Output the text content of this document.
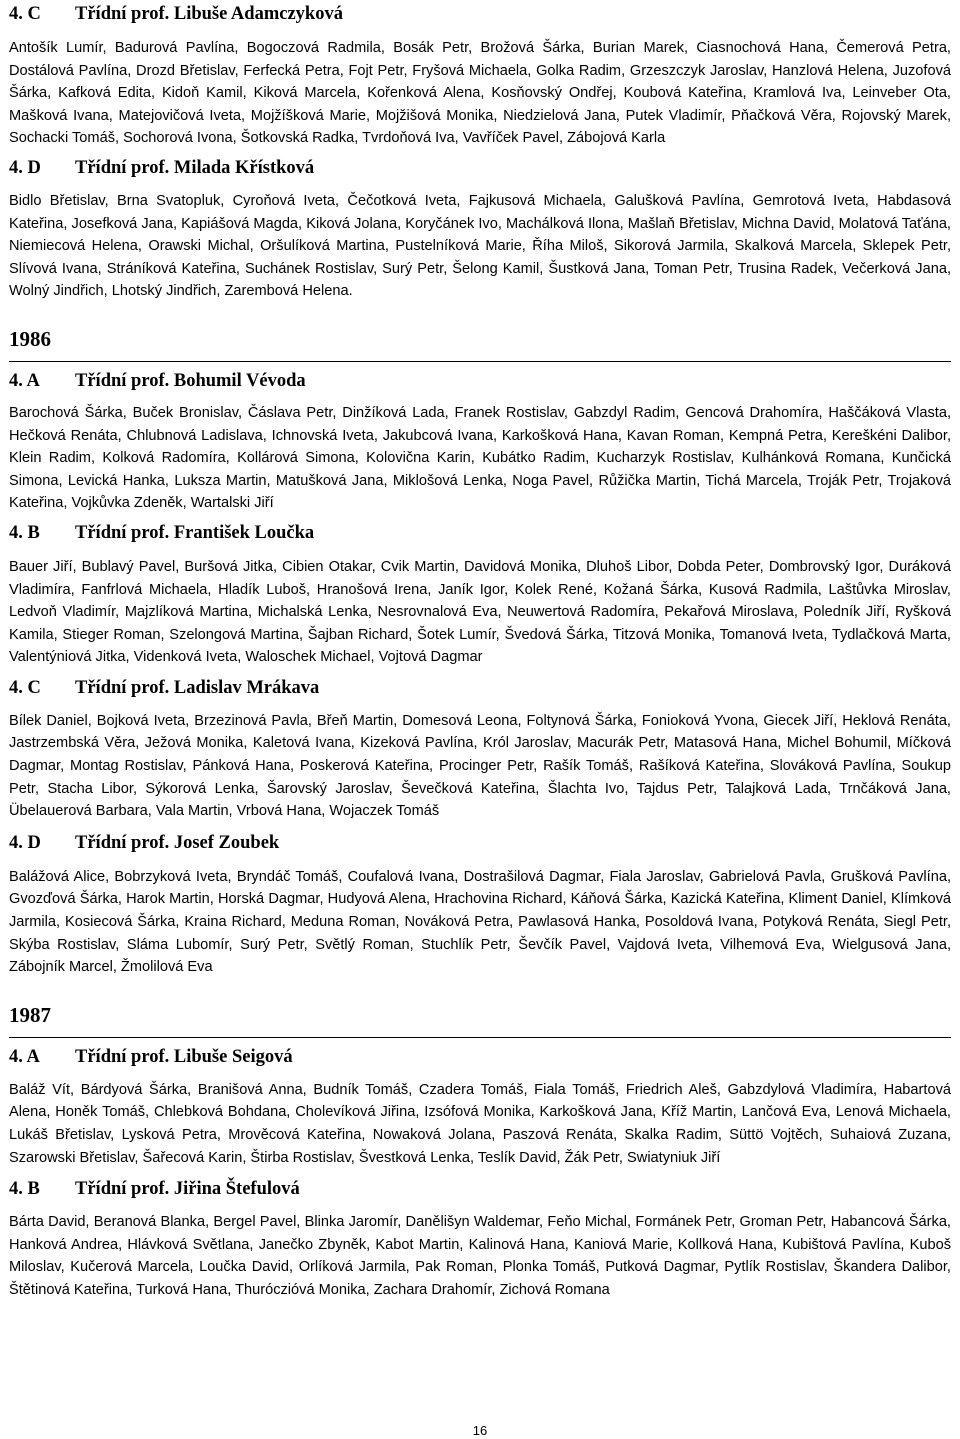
4. C	Třídní prof. Libuše Adamczyková

Antošík Lumír, Badurová Pavlína, Bogoczová Radmila, Bosák Petr, Brožová Šárka, Burian Marek, Ciasnochová Hana, Čemerová Petra, Dostálová Pavlína, Drozd Břetislav, Ferfecká Petra, Fojt Petr, Fryšová Michaela, Golka Radim, Grzeszczyk Jaroslav, Hanzlová Helena, Juzofová Šárka, Kafková Edita, Kidoň Kamil, Kiková Marcela, Kořenková Alena, Kosňovský Ondřej, Koubová Kateřina, Kramlová Iva, Leinveber Ota, Mašková Ivana, Matejovičová Iveta, Mojžíšková Marie, Mojžišová Monika, Niedzielová Jana, Putek Vladimír, Pňačková Věra, Rojovský Marek, Sochacki Tomáš, Sochorová Ivona, Šotkovská Radka, Tvrdoňová Iva, Vavříček Pavel, Zábojová Karla

4. D	Třídní prof. Milada Křístková

Bidlo Břetislav, Brna Svatopluk, Cyroňová Iveta, Čečotková Iveta, Fajkusová Michaela, Galušková Pavlína, Gemrotová Iveta, Habdasová Kateřina, Josefková Jana, Kapiášová Magda, Kiková Jolana, Koryčánek Ivo, Machálková Ilona, Mašlaň Břetislav, Michna David, Molatová Taťána, Niemiecová Helena, Orawski Michal, Oršulíková Martina, Pustelníková Marie, Říha Miloš, Sikorová Jarmila, Skalková Marcela, Sklepek Petr, Slívová Ivana, Stráníková Kateřina, Suchánek Rostislav, Surý Petr, Šelong Kamil, Šustková Jana, Toman Petr, Trusina Radek, Večerková Jana, Wolný Jindřich, Lhotský Jindřich, Zarembová Helena.

1986
4. A	Třídní prof. Bohumil Vévoda

Barochová Šárka, Buček Bronislav, Čáslava Petr, Dinžíková Lada, Franek Rostislav, Gabzdyl Radim, Gencová Drahomíra, Haščáková Vlasta, Hečková Renáta, Chlubnová Ladislava, Ichnovská Iveta, Jakubcová Ivana, Karkošková Hana, Kavan Roman, Kempná Petra, Kereškéni Dalibor, Klein Radim, Kolková Radomíra, Kollárová Simona, Kolovična Karin, Kubátko Radim, Kucharzyk Rostislav, Kulhánková Romana, Kunčická Simona, Levická Hanka, Luksza Martin, Matušková Jana, Miklošová Lenka, Noga Pavel, Růžička Martin, Tichá Marcela, Troják Petr, Trojaková Kateřina, Vojkůvka Zdeněk, Wartalski Jiří

4. B	Třídní prof. František Loučka

Bauer Jiří, Bublavý Pavel, Buršová Jitka, Cibien Otakar, Cvik Martin, Davidová Monika, Dluhoš Libor, Dobda Peter, Dombrovský Igor, Duráková Vladimíra, Fanfrlová Michaela, Hladík Luboš, Hranošová Irena, Janík Igor, Kolek René, Kožaná Šárka, Kusová Radmila, Laštůvka Miroslav, Ledvoň Vladimír, Majzlíková Martina, Michalská Lenka, Nesrovnalová Eva, Neuwertová Radomíra, Pekařová Miroslava, Poledník Jiří, Ryšková Kamila, Stieger Roman, Szelongová Martina, Šajban Richard, Šotek Lumír, Švedová Šárka, Titzová Monika, Tomanová Iveta, Tydlačková Marta, Valentýniová Jitka, Videnková Iveta, Waloschek Michael, Vojtová Dagmar

4. C	Třídní prof. Ladislav Mrákava

Bílek Daniel, Bojková Iveta, Brzezinová Pavla, Břeň Martin, Domesová Leona, Foltynová Šárka, Fonioková Yvona, Giecek Jiří, Heklová Renáta, Jastrzembská Věra, Ježová Monika, Kaletová Ivana, Kizeková Pavlína, Król Jaroslav, Macurák Petr, Matasová Hana, Michel Bohumil, Míčková Dagmar, Montag Rostislav, Pánková Hana, Poskerová Kateřina, Procinger Petr, Rašík Tomáš, Rašíková Kateřina, Slováková Pavlína, Soukup Petr, Stacha Libor, Sýkorová Lenka, Šarovský Jaroslav, Ševečková Kateřina, Šlachta Ivo, Tajdus Petr, Talajková Lada, Trnčáková Jana, Übelauerová Barbara, Vala Martin, Vrbová Hana, Wojaczek Tomáš

4. D	Třídní prof. Josef Zoubek

Balážová Alice, Bobrzyková Iveta, Bryndáč Tomáš, Coufalová Ivana, Dostrašilová Dagmar, Fiala Jaroslav, Gabrielová Pavla, Grušková Pavlína, Gvozďová Šárka, Harok Martin, Horská Dagmar, Hudyová Alena, Hrachovina Richard, Káňová Šárka, Kazická Kateřina, Kliment Daniel, Klímková Jarmila, Kosiecová Šárka, Kraina Richard, Meduna Roman, Nováková Petra, Pawlasová Hanka, Posoldová Ivana, Potyková Renáta, Siegl Petr, Skýba Rostislav, Sláma Lubomír, Surý Petr, Světlý Roman, Stuchlík Petr, Ševčík Pavel, Vajdová Iveta, Vilhemová Eva, Wielgusová Jana, Zábojník Marcel, Žmolilová Eva

1987
4. A	Třídní prof. Libuše Seigová

Baláž Vít, Bárdyová Šárka, Branišová Anna, Budník Tomáš, Czadera Tomáš, Fiala Tomáš, Friedrich Aleš, Gabzdylová Vladimíra, Habartová Alena, Honěk Tomáš, Chlebková Bohdana, Cholevíková Jiřina, Izsófová Monika, Karkošková Jana, Kříž Martin, Lančová Eva, Lenová Michaela, Lukáš Břetislav, Lysková Petra, Mrověcová Kateřina, Nowaková Jolana, Paszová Renáta, Skalka Radim, Süttö Vojtěch, Suhaiová Zuzana, Szarowski Břetislav, Šařecová Karin, Štirba Rostislav, Švestková Lenka, Teslík David, Žák Petr, Swiatyniuk Jiří

4. B	Třídní prof. Jiřina Štefulová

Bárta David, Beranová Blanka, Bergel Pavel, Blinka Jaromír, Danělišyn Waldemar, Feňo Michal, Formánek Petr, Groman Petr, Habancová Šárka, Hanková Andrea, Hlávková Světlana, Janečko Zbyněk, Kabot Martin, Kalinová Hana, Kaniová Marie, Kollková Hana, Kubištová Pavlína, Kuboš Miloslav, Kučerová Marcela, Loučka David, Orlíková Jarmila, Pak Roman, Plonka Tomáš, Putková Dagmar, Pytlík Rostislav, Škandera Dalibor, Štětinová Kateřina, Turková Hana, Thuróczióvá Monika, Zachara Drahomír, Zichová Romana

16
